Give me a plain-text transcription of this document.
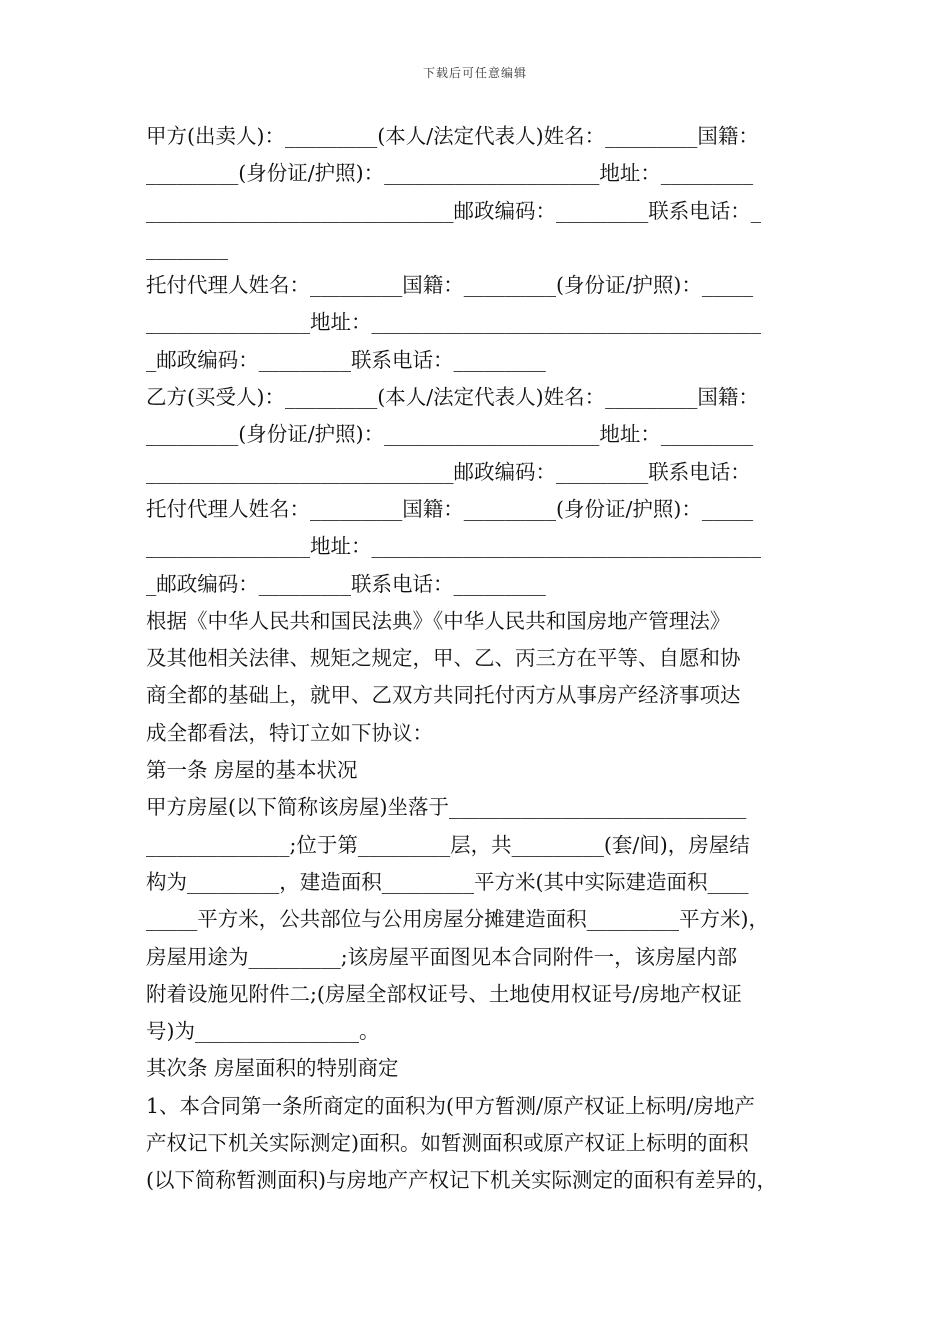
下载后可任意编辑
甲方(出卖人)：_________(本人/法定代表人)姓名：_________国籍：
_________(身份证/护照)：_____________________地址：_________
______________________________邮政编码：_________联系电话：_
________
托付代理人姓名：_________国籍：_________(身份证/护照)：_____
________________地址：______________________________________
_邮政编码：_________联系电话：_________
乙方(买受人)：_________(本人/法定代表人)姓名：_________国籍：
_________(身份证/护照)：_____________________地址：_________
______________________________邮政编码：_________联系电话：
托付代理人姓名：_________国籍：_________(身份证/护照)：_____
________________地址：______________________________________
_邮政编码：_________联系电话：_________
根据《中华人民共和国民法典》《中华人民共和国房地产管理法》
及其他相关法律、规矩之规定，甲、乙、丙三方在平等、自愿和协
商全都的基础上，就甲、乙双方共同托付丙方从事房产经济事项达
成全都看法，特订立如下协议：
第一条 房屋的基本状况
甲方房屋(以下简称该房屋)坐落于_____________________________
______________;位于第_________层，共_________(套/间)，房屋结
构为_________，建造面积_________平方米(其中实际建造面积____
_____平方米，公共部位与公用房屋分摊建造面积_________平方米)，
房屋用途为_________;该房屋平面图见本合同附件一，该房屋内部
附着设施见附件二;(房屋全部权证号、土地使用权证号/房地产权证
号)为________________。
其次条 房屋面积的特别商定
1、本合同第一条所商定的面积为(甲方暂测/原产权证上标明/房地产
产权记下机关实际测定)面积。如暂测面积或原产权证上标明的面积
(以下简称暂测面积)与房地产产权记下机关实际测定的面积有差异的，
